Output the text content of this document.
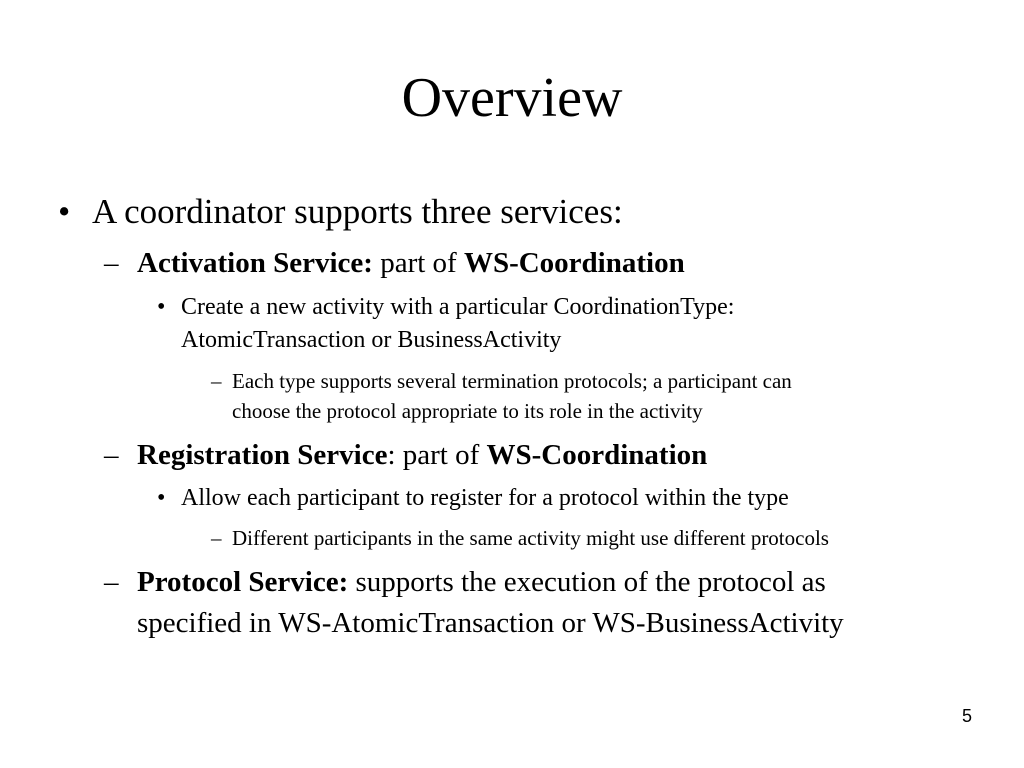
Overview
• A coordinator supports three services:
– Activation Service: part of WS-Coordination
• Create a new activity with a particular CoordinationType:
AtomicTransaction or BusinessActivity
– Each type supports several termination protocols; a participant can
choose the protocol appropriate to its role in the activity
– Registration Service: part of WS-Coordination
• Allow each participant to register for a protocol within the type
– Different participants in the same activity might use different protocols
– Protocol Service: supports the execution of the protocol as
specified in WS-AtomicTransaction or WS-BusinessActivity
5
